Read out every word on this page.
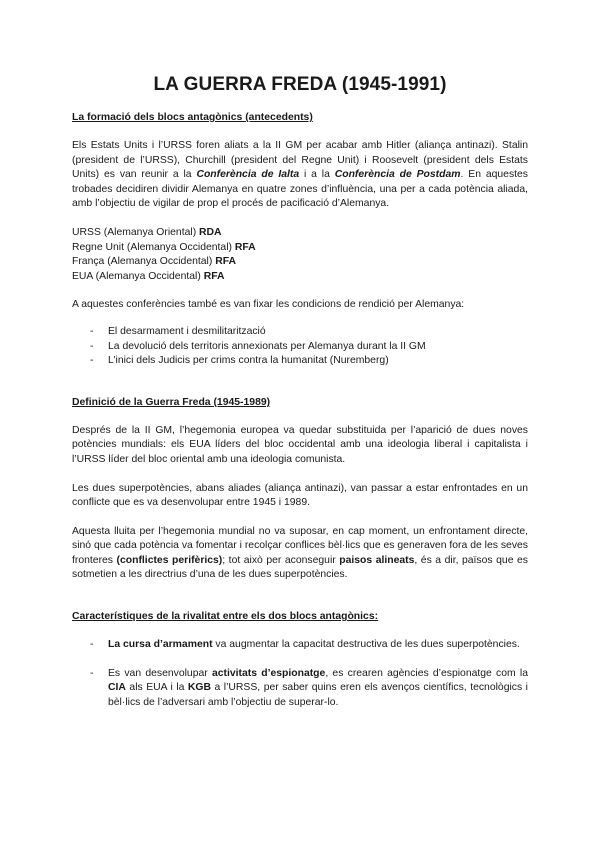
LA GUERRA FREDA (1945-1991)
La formació dels blocs antagònics (antecedents)

Els Estats Units i l’URSS foren aliats a la II GM per acabar amb Hitler (aliança antinazi). Stalin (president de l’URSS), Churchill (president del Regne Unit) i Roosevelt (president dels Estats Units) es van reunir a la Conferència de Ialta i a la Conferència de Postdam. En aquestes trobades decidiren dividir Alemanya en quatre zones d’influència, una per a cada potència aliada, amb l’objectiu de vigilar de prop el procés de pacificació d’Alemanya.

URSS (Alemanya Oriental) RDA
Regne Unit (Alemanya Occidental) RFA
França (Alemanya Occidental) RFA
EUA (Alemanya Occidental) RFA

A aquestes conferències també es van fixar les condicions de rendició per Alemanya:

- El desarmament i desmilitarització
- La devolució dels territoris annexionats per Alemanya durant la II GM
- L’inici dels Judicis per crims contra la humanitat (Nuremberg)
Definició de la Guerra Freda (1945-1989)

Després de la II GM, l’hegemonia europea va quedar substituida per l’aparició de dues noves potències mundials: els EUA líders del bloc occidental amb una ideologia liberal i capitalista i l’URSS líder del bloc oriental amb una ideologia comunista.

Les dues superpotències, abans aliades (aliança antinazi), van passar a estar enfrontades en un conflicte que es va desenvolupar entre 1945 i 1989.

Aquesta lluita per l’hegemonia mundial no va suposar, en cap moment, un enfrontament directe, sinó que cada potència va fomentar i recolçar conflices bèl·lics que es generaven fora de les seves fronteres (conflictes perifèrics); tot això per aconseguir paisos alineats, és a dir, països que es sotmetien a les directrius d’una de les dues superpotències.

Característiques de la rivalitat entre els dos blocs antagònics:
- La cursa d’armament va augmentar la capacitat destructiva de les dues superpotències.
- Es van desenvolupar activitats d’espionatge, es crearen agències d’espionatge com la CIA als EUA i la KGB a l’URSS, per saber quins eren els avenços científics, tecnològics i bèl·lics de l’adversari amb l’objectiu de superar-lo.
